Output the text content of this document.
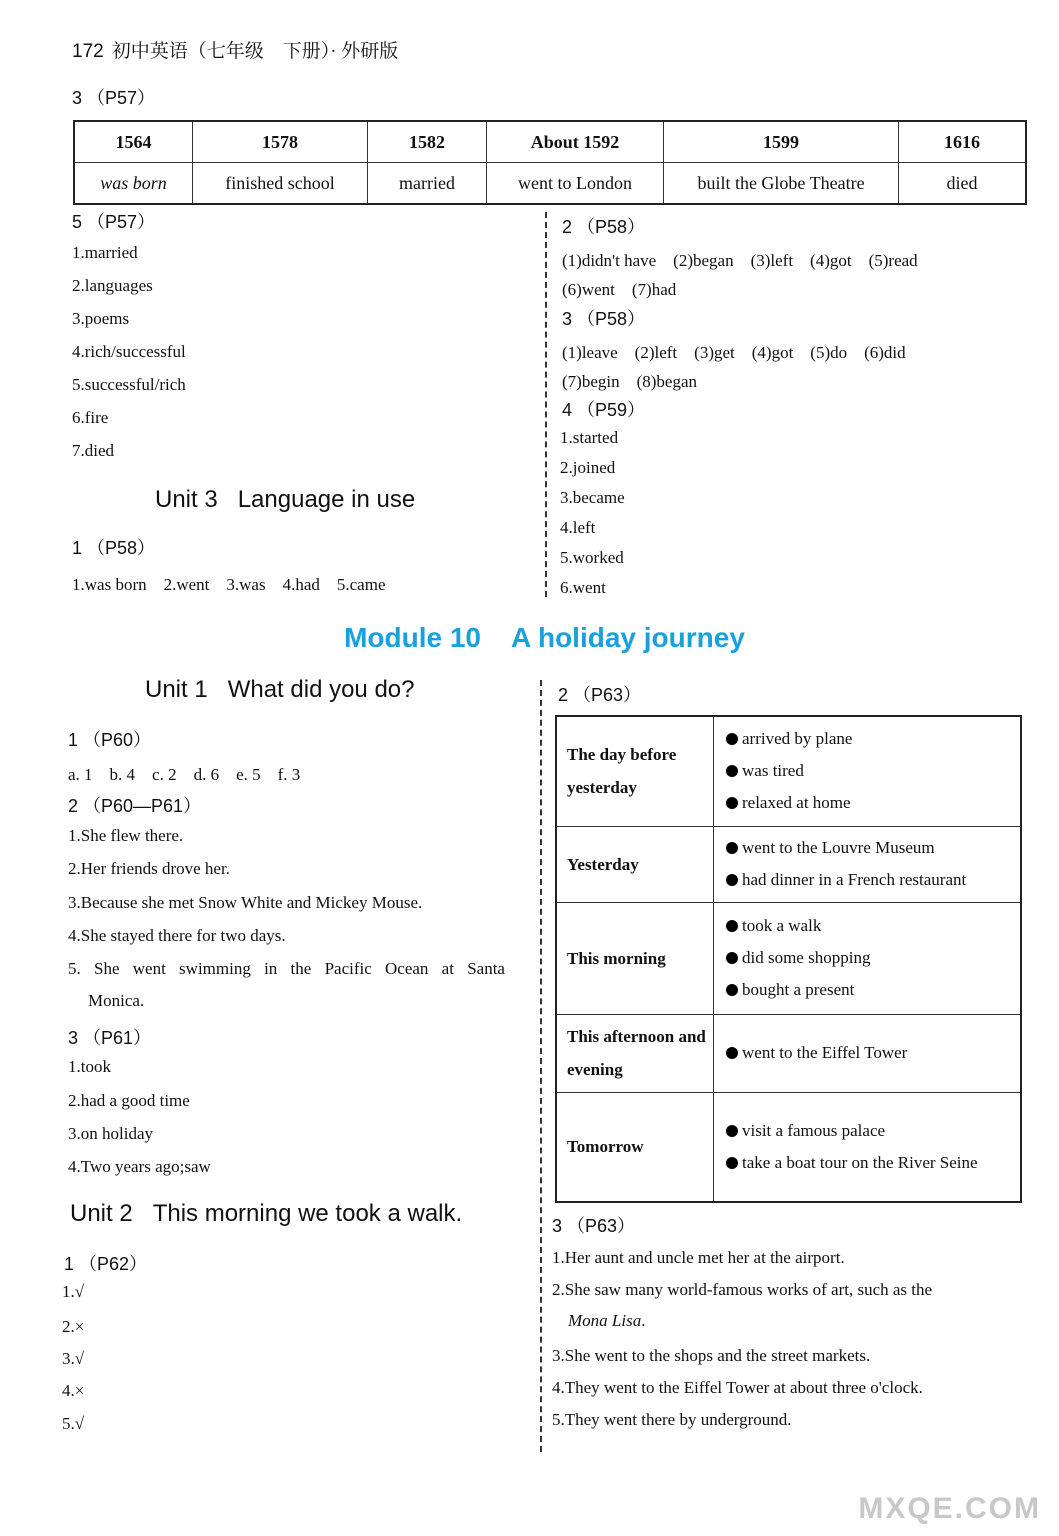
172 初中英语（七年级　下册）· 外研版
3 （P57）
1564	1578	1582	About 1592	1599	1616
was born	finished school	married	went to London	built the Globe Theatre	died
5 （P57）
1.married
2.languages
3.poems
4.rich/successful
5.successful/rich
6.fire
7.died
Unit 3 Language in use
1 （P58）
1.was born　2.went　3.was　4.had　5.came
2 （P58）
(1)didn't have　(2)began　(3)left　(4)got　(5)read
(6)went　(7)had
3 （P58）
(1)leave　(2)left　(3)get　(4)got　(5)do　(6)did
(7)begin　(8)began
4 （P59）
1.started
2.joined
3.became
4.left
5.worked
6.went
Module 10 A holiday journey
Unit 1 What did you do?
1 （P60）
a. 1　b. 4　c. 2　d. 6　e. 5　f. 3
2 （P60—P61）
1.She flew there.
2.Her friends drove her.
3.Because she met Snow White and Mickey Mouse.
4.She stayed there for two days.
5. She went swimming in the Pacific Ocean at Santa
Monica.
3 （P61）
1.took
2.had a good time
3.on holiday
4.Two years ago;saw
Unit 2 This morning we took a walk.
1 （P62）
1.√
2.×
3.√
4.×
5.√
2 （P63）
The day before yesterday	arrived by plane
was tired
relaxed at home

Yesterday	went to the Louvre Museum
had dinner in a French restaurant

This morning	took a walk
did some shopping
bought a present

This afternoon and evening	went to the Eiffel Tower

Tomorrow	visit a famous palace
take a boat tour on the River Seine
3 （P63）
1.Her aunt and uncle met her at the airport.
2.She saw many world-famous works of art, such as the
Mona Lisa.
3.She went to the shops and the street markets.
4.They went to the Eiffel Tower at about three o'clock.
5.They went there by underground.
MXQE.COM
